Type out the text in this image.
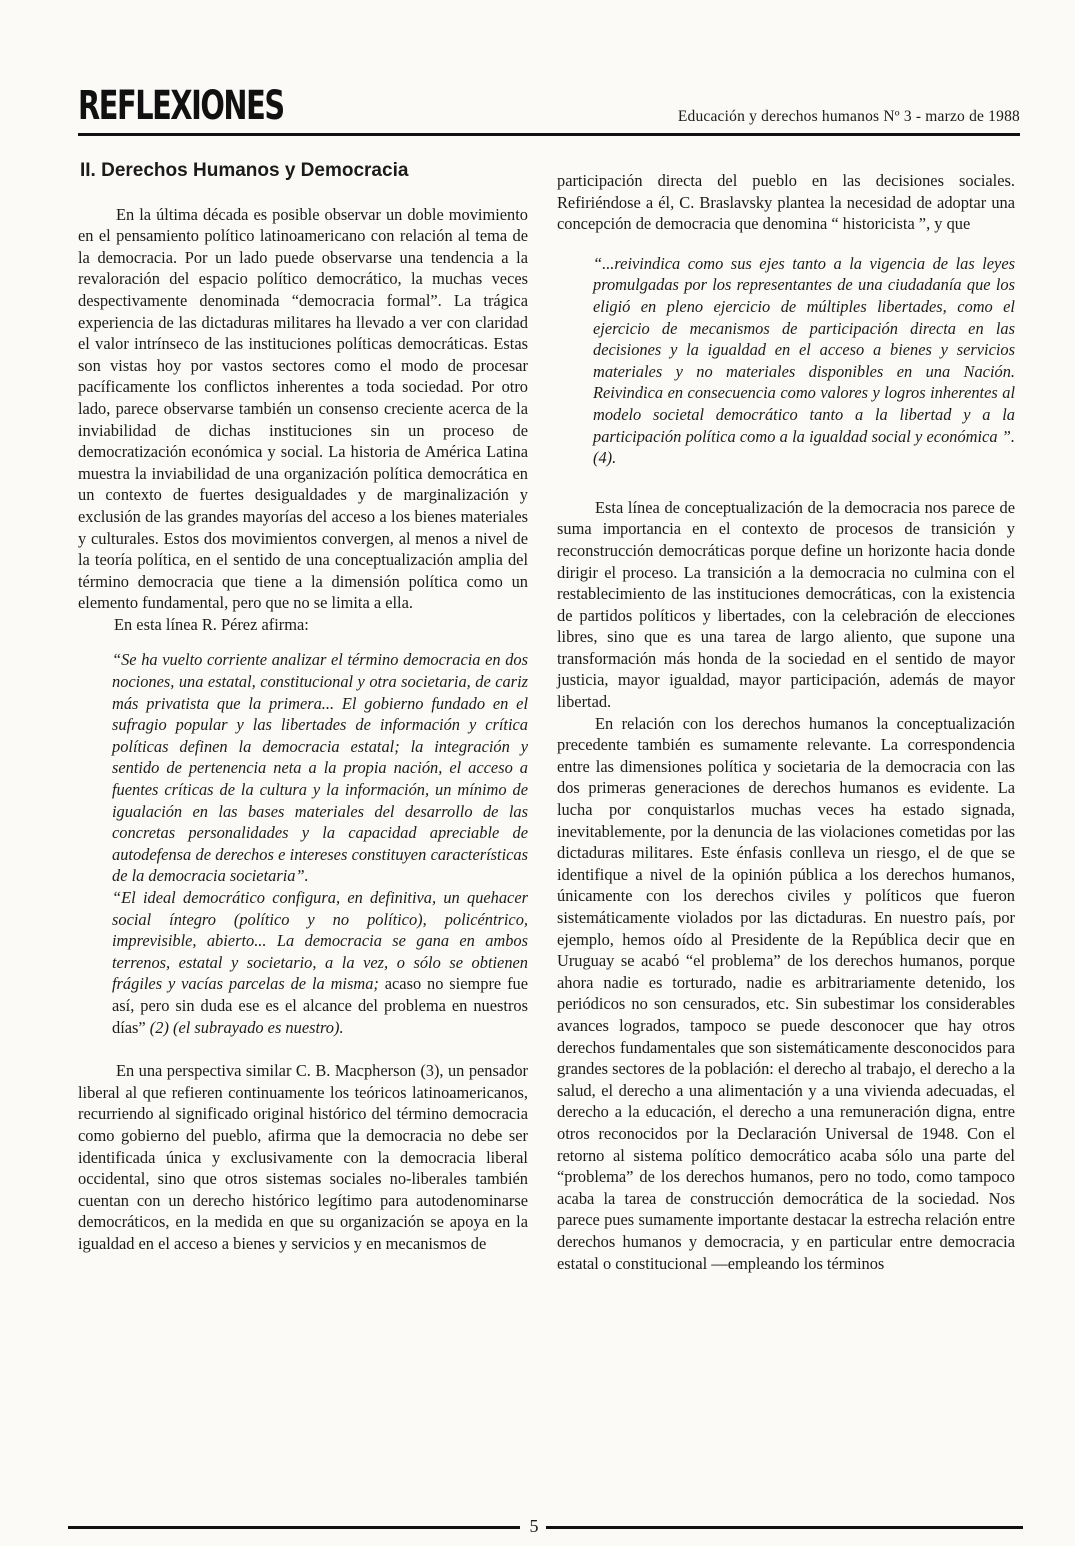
REFLEXIONES	Educación y derechos humanos Nº 3 - marzo de 1988
II. Derechos Humanos y Democracia

En la última década es posible observar un doble movimiento en el pensamiento político latinoamericano con relación al tema de la democracia. Por un lado puede observarse una tendencia a la revaloración del espacio político democrático, la muchas veces despectivamente denominada “democracia formal”. La trágica experiencia de las dictaduras militares ha llevado a ver con claridad el valor intrínseco de las instituciones políticas democráticas. Estas son vistas hoy por vastos sectores como el modo de procesar pacíficamente los conflictos inherentes a toda sociedad. Por otro lado, parece observarse también un consenso creciente acerca de la inviabilidad de dichas instituciones sin un proceso de democratización económica y social. La historia de América Latina muestra la inviabilidad de una organización política democrática en un contexto de fuertes desigualdades y de marginalización y exclusión de las grandes mayorías del acceso a los bienes materiales y culturales. Estos dos movimientos convergen, al menos a nivel de la teoría política, en el sentido de una conceptualización amplia del término democracia que tiene a la dimensión política como un elemento fundamental, pero que no se limita a ella.

En esta línea R. Pérez afirma:

“Se ha vuelto corriente analizar el término democracia en dos nociones, una estatal, constitucional y otra societaria, de cariz más privatista que la primera... El gobierno fundado en el sufragio popular y las libertades de información y crítica políticas definen la democracia estatal; la integración y sentido de pertenencia neta a la propia nación, el acceso a fuentes críticas de la cultura y la información, un mínimo de igualación en las bases materiales del desarrollo de las concretas personalidades y la capacidad apreciable de autodefensa de derechos e intereses constituyen características de la democracia societaria”.
“El ideal democrático configura, en definitiva, un quehacer social íntegro (político y no político), policéntrico, imprevisible, abierto... La democracia se gana en ambos terrenos, estatal y societario, a la vez, o sólo se obtienen frágiles y vacías parcelas de la misma; acaso no siempre fue así, pero sin duda ese es el alcance del problema en nuestros días” (2) (el subrayado es nuestro).

En una perspectiva similar C. B. Macpherson (3), un pensador liberal al que refieren continuamente los teóricos latinoamericanos, recurriendo al significado original histórico del término democracia como gobierno del pueblo, afirma que la democracia no debe ser identificada única y exclusivamente con la democracia liberal occidental, sino que otros sistemas sociales no-liberales también cuentan con un derecho histórico legítimo para autodenominarse democráticos, en la medida en que su organización se apoya en la igualdad en el acceso a bienes y servicios y en mecanismos de

participación directa del pueblo en las decisiones sociales. Refiriéndose a él, C. Braslavsky plantea la necesidad de adoptar una concepción de democracia que denomina “ historicista ”, y que

“...reivindica como sus ejes tanto a la vigencia de las leyes promulgadas por los representantes de una ciudadanía que los eligió en pleno ejercicio de múltiples libertades, como el ejercicio de mecanismos de participación directa en las decisiones y la igualdad en el acceso a bienes y servicios materiales y no materiales disponibles en una Nación. Reivindica en consecuencia como valores y logros inherentes al modelo societal democrático tanto a la libertad y a la participación política como a la igualdad social y económica ”.(4).

Esta línea de conceptualización de la democracia nos parece de suma importancia en el contexto de procesos de transición y reconstrucción democráticas porque define un horizonte hacia donde dirigir el proceso. La transición a la democracia no culmina con el restablecimiento de las instituciones democráticas, con la existencia de partidos políticos y libertades, con la celebración de elecciones libres, sino que es una tarea de largo aliento, que supone una transformación más honda de la sociedad en el sentido de mayor justicia, mayor igualdad, mayor participación, además de mayor libertad.

En relación con los derechos humanos la conceptualización precedente también es sumamente relevante. La correspondencia entre las dimensiones política y societaria de la democracia con las dos primeras generaciones de derechos humanos es evidente. La lucha por conquistarlos muchas veces ha estado signada, inevitablemente, por la denuncia de las violaciones cometidas por las dictaduras militares. Este énfasis conlleva un riesgo, el de que se identifique a nivel de la opinión pública a los derechos humanos, únicamente con los derechos civiles y políticos que fueron sistemáticamente violados por las dictaduras. En nuestro país, por ejemplo, hemos oído al Presidente de la República decir que en Uruguay se acabó “el problema” de los derechos humanos, porque ahora nadie es torturado, nadie es arbitrariamente detenido, los periódicos no son censurados, etc. Sin subestimar los considerables avances logrados, tampoco se puede desconocer que hay otros derechos fundamentales que son sistemáticamente desconocidos para grandes sectores de la población: el derecho al trabajo, el derecho a la salud, el derecho a una alimentación y a una vivienda adecuadas, el derecho a la educación, el derecho a una remuneración digna, entre otros reconocidos por la Declaración Universal de 1948. Con el retorno al sistema político democrático acaba sólo una parte del “problema” de los derechos humanos, pero no todo, como tampoco acaba la tarea de construcción democrática de la sociedad. Nos parece pues sumamente importante destacar la estrecha relación entre derechos humanos y democracia, y en particular entre democracia estatal o constitucional —empleando los términos

5
